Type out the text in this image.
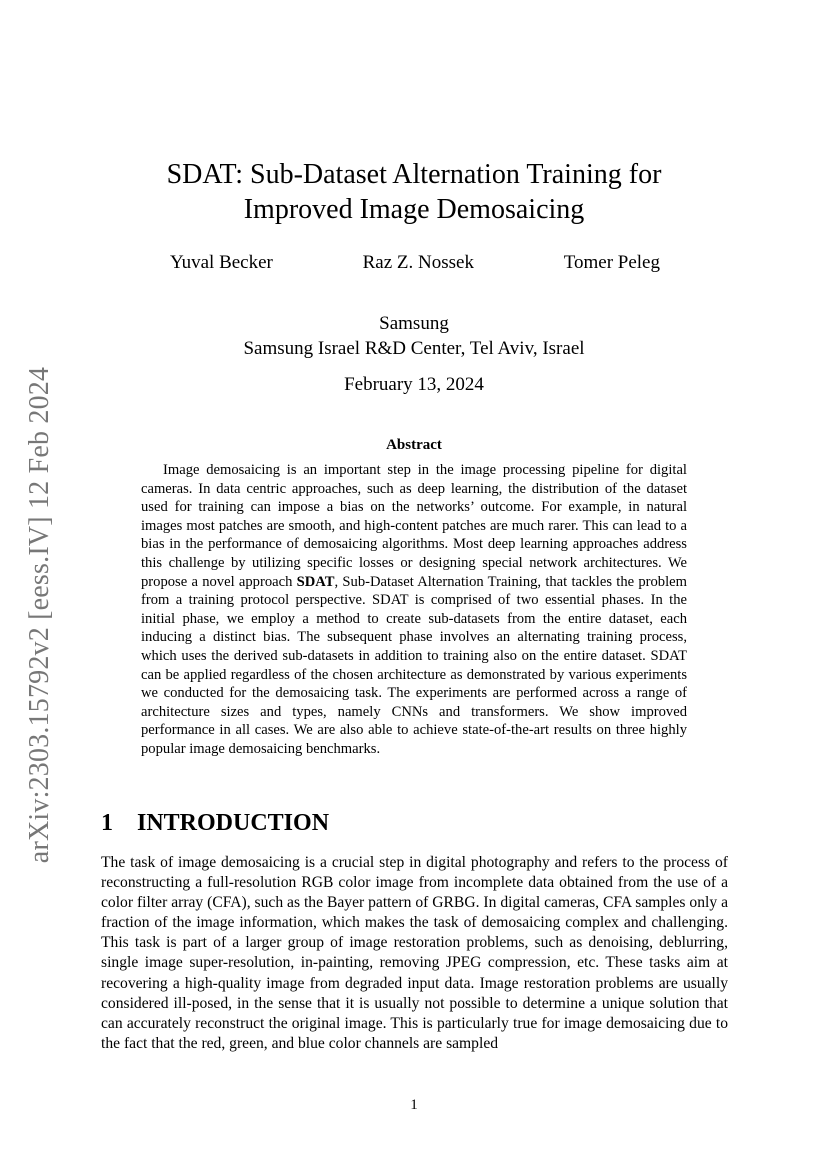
arXiv:2303.15792v2 [eess.IV] 12 Feb 2024
SDAT: Sub-Dataset Alternation Training for
Improved Image Demosaicing
Yuval Becker	Raz Z. Nossek	Tomer Peleg
Samsung
Samsung Israel R&D Center, Tel Aviv, Israel
February 13, 2024
Abstract
Image demosaicing is an important step in the image processing pipeline for digital cameras. In data centric approaches, such as deep learning, the distribution of the dataset used for training can impose a bias on the networks’ outcome. For example, in natural images most patches are smooth, and high-content patches are much rarer. This can lead to a bias in the performance of demosaicing algorithms. Most deep learning approaches address this challenge by utilizing specific losses or designing special network architectures. We propose a novel approach SDAT, Sub-Dataset Alternation Training, that tackles the problem from a training protocol perspective. SDAT is comprised of two essential phases. In the initial phase, we employ a method to create sub-datasets from the entire dataset, each inducing a distinct bias. The subsequent phase involves an alternating training process, which uses the derived sub-datasets in addition to training also on the entire dataset. SDAT can be applied regardless of the chosen architecture as demonstrated by various experiments we conducted for the demosaicing task. The experiments are performed across a range of architecture sizes and types, namely CNNs and transformers. We show improved performance in all cases. We are also able to achieve state-of-the-art results on three highly popular image demosaicing benchmarks.
1 INTRODUCTION
The task of image demosaicing is a crucial step in digital photography and refers to the process of reconstructing a full-resolution RGB color image from incomplete data obtained from the use of a color filter array (CFA), such as the Bayer pattern of GRBG. In digital cameras, CFA samples only a fraction of the image information, which makes the task of demosaicing complex and challenging. This task is part of a larger group of image restoration problems, such as denoising, deblurring, single image super-resolution, in-painting, removing JPEG compression, etc. These tasks aim at recovering a high-quality image from degraded input data. Image restoration problems are usually considered ill-posed, in the sense that it is usually not possible to determine a unique solution that can accurately reconstruct the original image. This is particularly true for image demosaicing due to the fact that the red, green, and blue color channels are sampled
1
